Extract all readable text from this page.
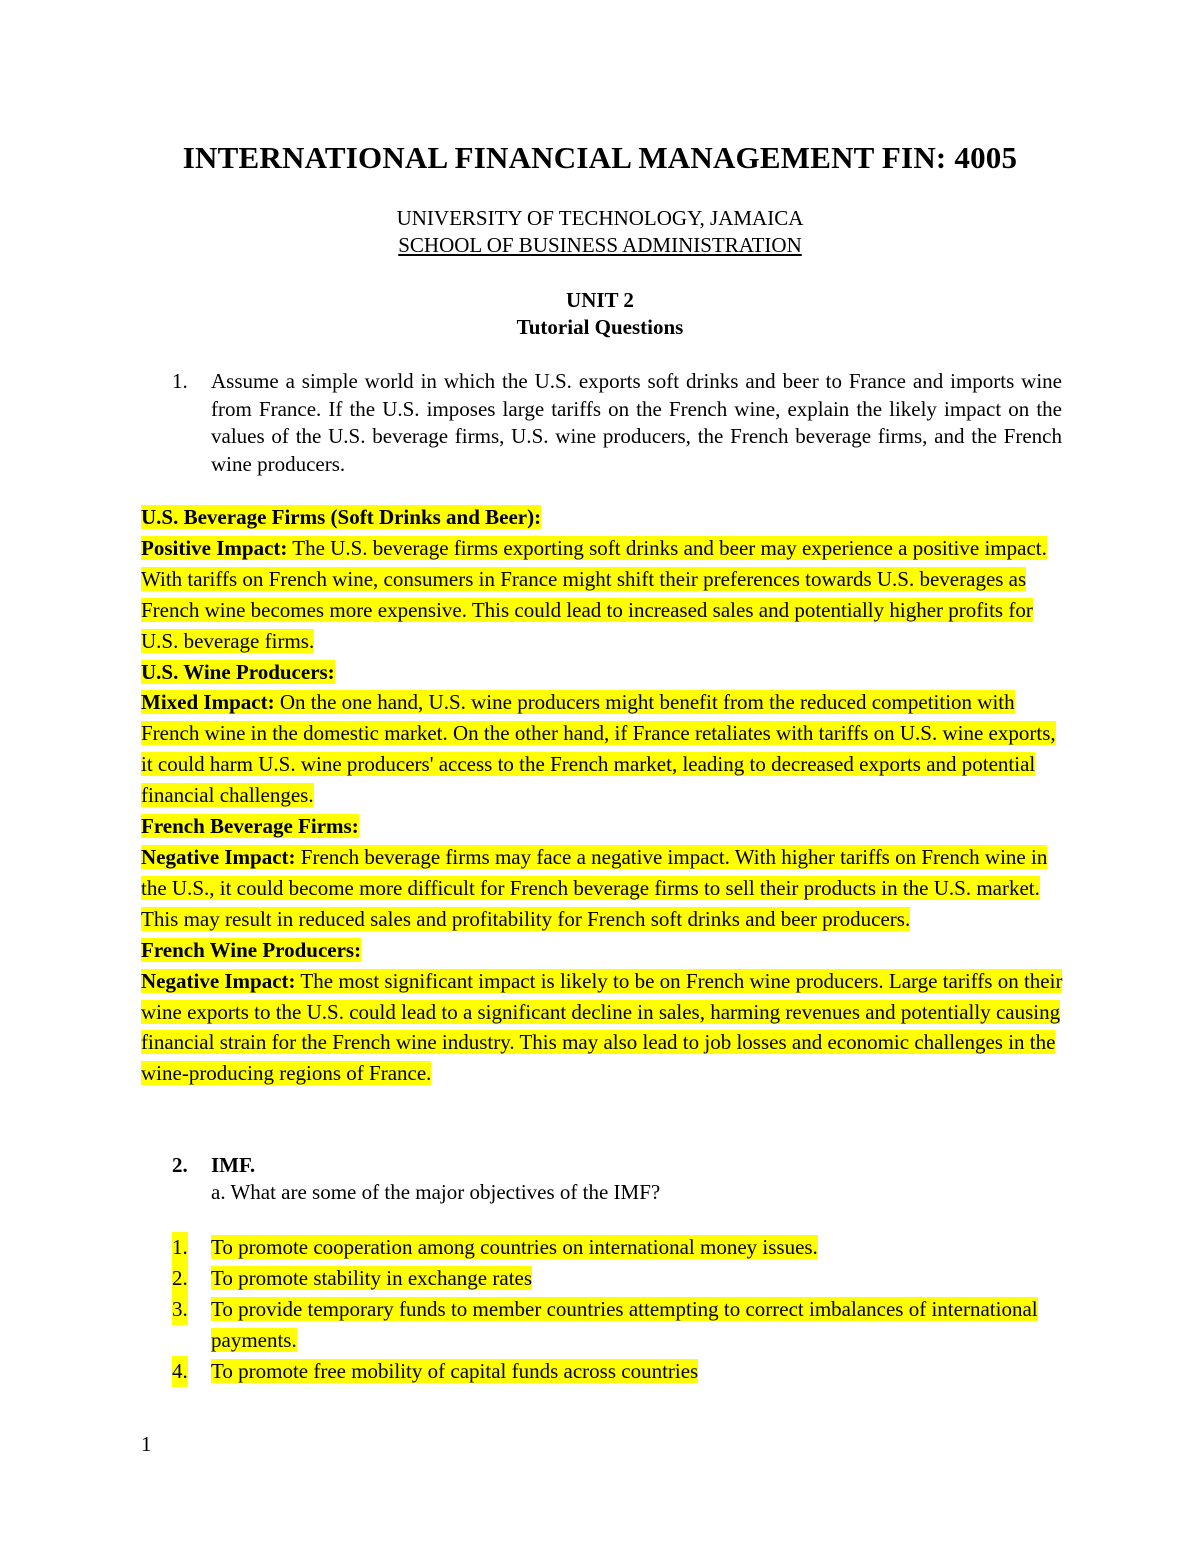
INTERNATIONAL FINANCIAL MANAGEMENT FIN: 4005
UNIVERSITY OF TECHNOLOGY, JAMAICA
SCHOOL OF BUSINESS ADMINISTRATION
UNIT 2
Tutorial Questions
1. Assume a simple world in which the U.S. exports soft drinks and beer to France and imports wine from France. If the U.S. imposes large tariffs on the French wine, explain the likely impact on the values of the U.S. beverage firms, U.S. wine producers, the French beverage firms, and the French wine producers.

U.S. Beverage Firms (Soft Drinks and Beer):

Positive Impact: The U.S. beverage firms exporting soft drinks and beer may experience a positive impact. With tariffs on French wine, consumers in France might shift their preferences towards U.S. beverages as French wine becomes more expensive. This could lead to increased sales and potentially higher profits for U.S. beverage firms.

U.S. Wine Producers:

Mixed Impact: On the one hand, U.S. wine producers might benefit from the reduced competition with French wine in the domestic market. On the other hand, if France retaliates with tariffs on U.S. wine exports, it could harm U.S. wine producers' access to the French market, leading to decreased exports and potential financial challenges.

French Beverage Firms:

Negative Impact: French beverage firms may face a negative impact. With higher tariffs on French wine in the U.S., it could become more difficult for French beverage firms to sell their products in the U.S. market. This may result in reduced sales and profitability for French soft drinks and beer producers.

French Wine Producers:

Negative Impact: The most significant impact is likely to be on French wine producers. Large tariffs on their wine exports to the U.S. could lead to a significant decline in sales, harming revenues and potentially causing financial strain for the French wine industry. This may also lead to job losses and economic challenges in the wine-producing regions of France.

2. IMF.
a. What are some of the major objectives of the IMF?
1. To promote cooperation among countries on international money issues.
2. To promote stability in exchange rates
3. To provide temporary funds to member countries attempting to correct imbalances of international payments.
4. To promote free mobility of capital funds across countries
1
